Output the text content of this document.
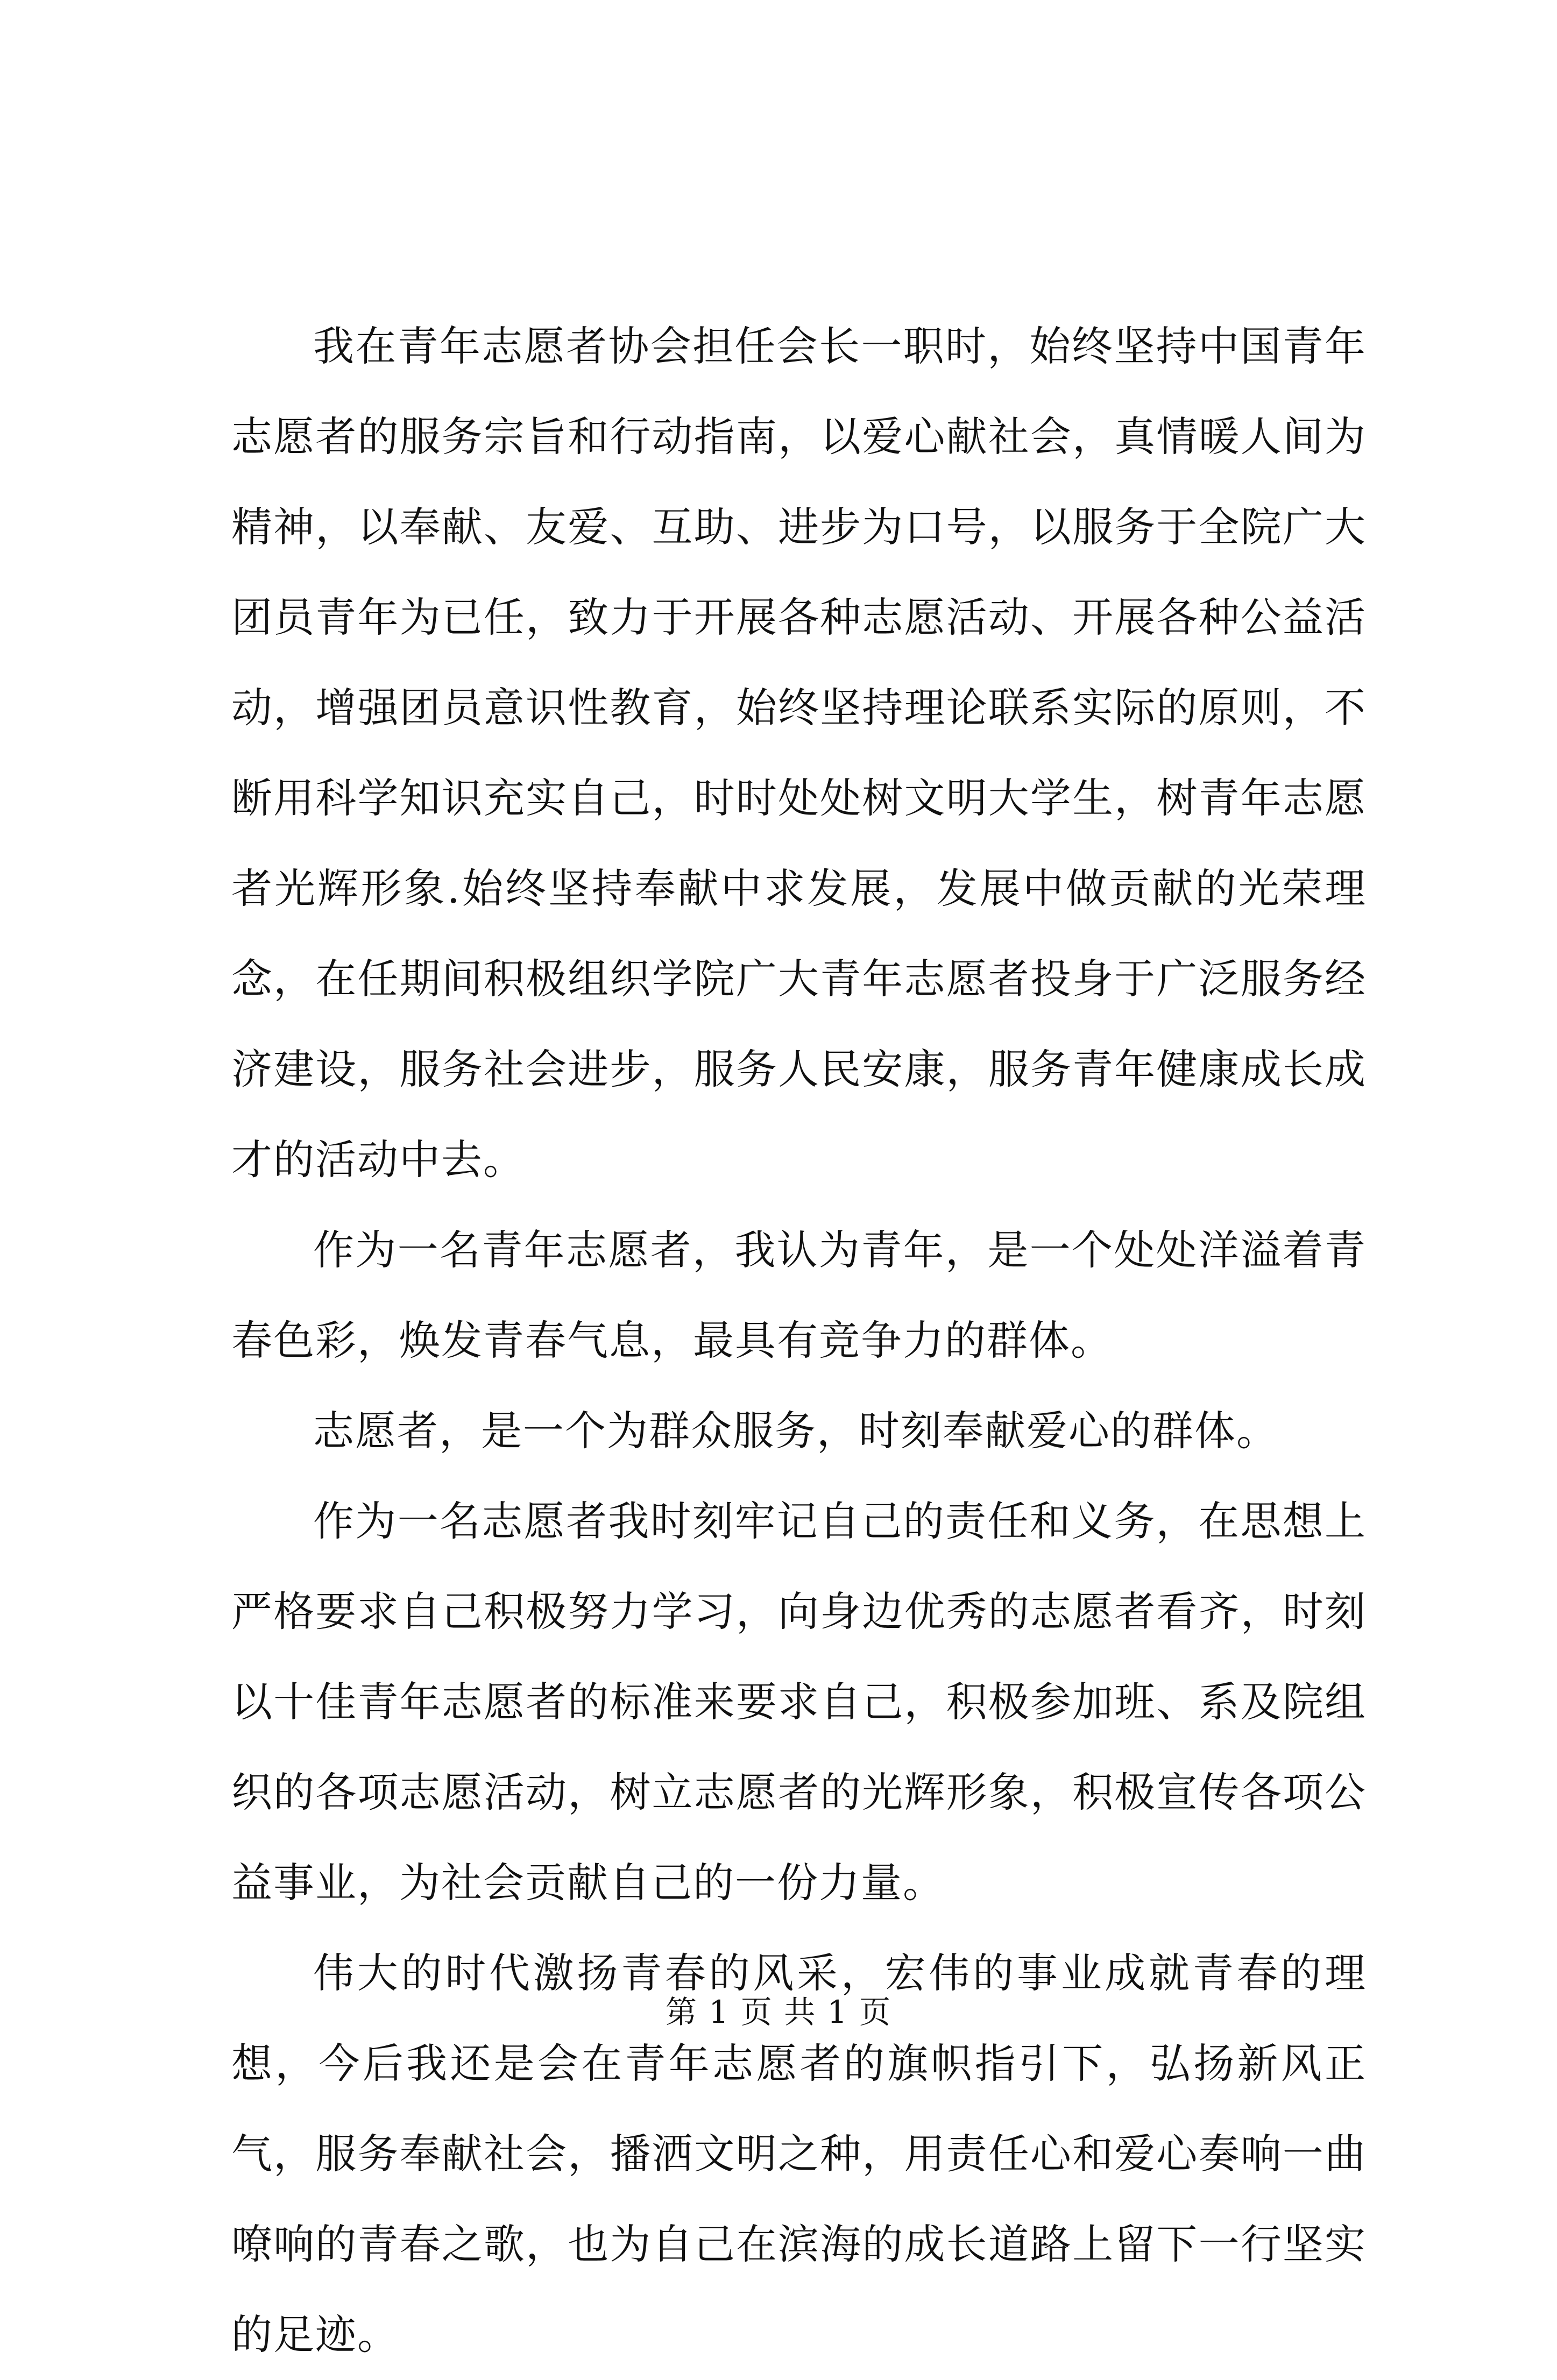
我在青年志愿者协会担任会长一职时，始终坚持中国青年志愿者的服务宗旨和行动指南，以爱心献社会，真情暖人间为精神，以奉献、友爱、互助、进步为口号，以服务于全院广大团员青年为已任，致力于开展各种志愿活动、开展各种公益活动，增强团员意识性教育，始终坚持理论联系实际的原则，不断用科学知识充实自己，时时处处树文明大学生，树青年志愿者光辉形象.始终坚持奉献中求发展，发展中做贡献的光荣理念，在任期间积极组织学院广大青年志愿者投身于广泛服务经济建设，服务社会进步，服务人民安康，服务青年健康成长成才的活动中去。

作为一名青年志愿者，我认为青年，是一个处处洋溢着青春色彩，焕发青春气息，最具有竞争力的群体。

志愿者，是一个为群众服务，时刻奉献爱心的群体。

作为一名志愿者我时刻牢记自己的责任和义务，在思想上严格要求自己积极努力学习，向身边优秀的志愿者看齐，时刻以十佳青年志愿者的标准来要求自己，积极参加班、系及院组织的各项志愿活动，树立志愿者的光辉形象，积极宣传各项公益事业，为社会贡献自己的一份力量。

伟大的时代激扬青春的风采，宏伟的事业成就青春的理想，今后我还是会在青年志愿者的旗帜指引下，弘扬新风正气，服务奉献社会，播洒文明之种，用责任心和爱心奏响一曲嘹响的青春之歌，也为自己在滨海的成长道路上留下一行坚实的足迹。

第 1 页 共 1 页
